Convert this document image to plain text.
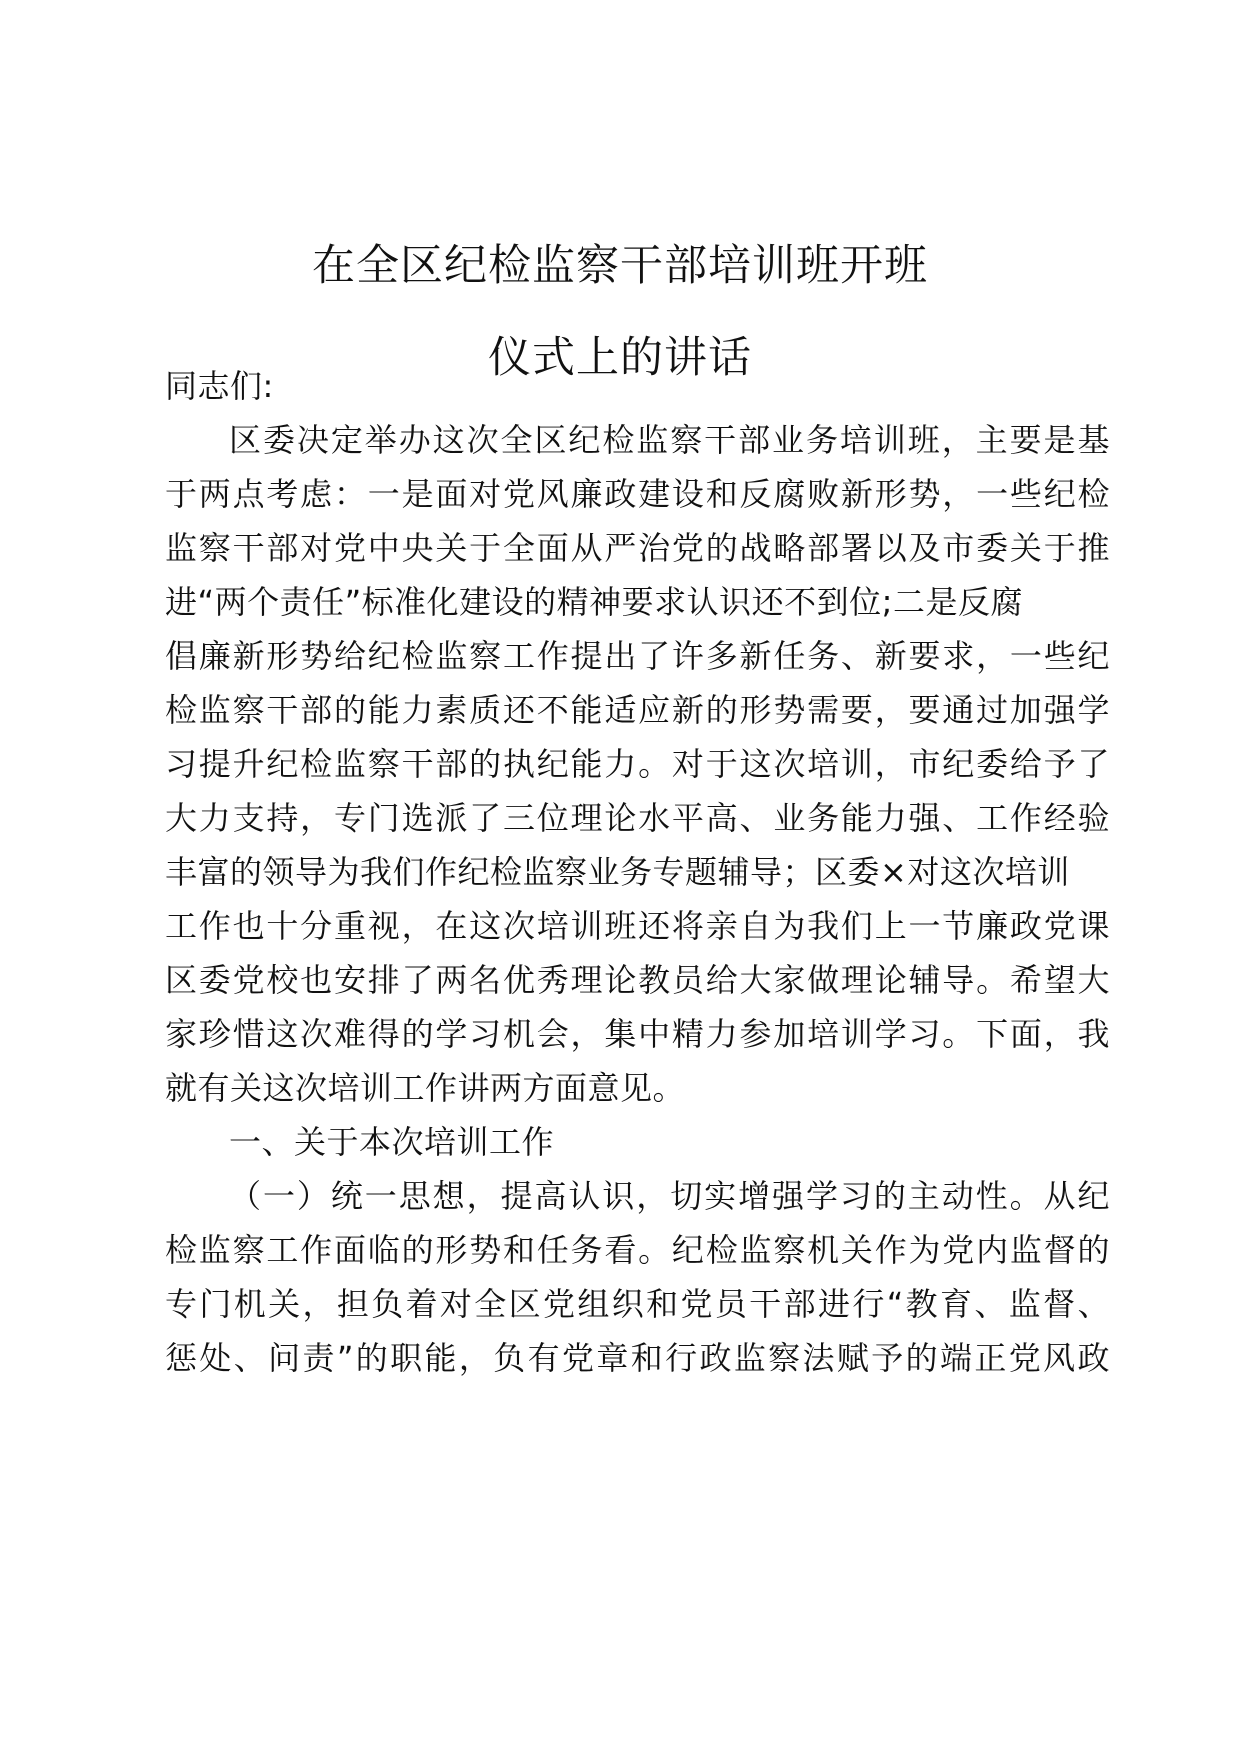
在全区纪检监察干部培训班开班
仪式上的讲话
同志们:
区委决定举办这次全区纪检监察干部业务培训班，主要是基
于两点考虑：一是面对党风廉政建设和反腐败新形势，一些纪检
监察干部对党中央关于全面从严治党的战略部署以及市委关于推
进“两个责任”标准化建设的精神要求认识还不到位;二是反腐
倡廉新形势给纪检监察工作提出了许多新任务、新要求，一些纪
检监察干部的能力素质还不能适应新的形势需要，要通过加强学
习提升纪检监察干部的执纪能力。对于这次培训，市纪委给予了
大力支持，专门选派了三位理论水平高、业务能力强、工作经验
丰富的领导为我们作纪检监察业务专题辅导；区委×对这次培训
工作也十分重视，在这次培训班还将亲自为我们上一节廉政党课
区委党校也安排了两名优秀理论教员给大家做理论辅导。希望大
家珍惜这次难得的学习机会，集中精力参加培训学习。下面，我
就有关这次培训工作讲两方面意见。
一、关于本次培训工作
（一）统一思想，提高认识，切实增强学习的主动性。从纪
检监察工作面临的形势和任务看。纪检监察机关作为党内监督的
专门机关，担负着对全区党组织和党员干部进行“教育、监督、
惩处、问责”的职能，负有党章和行政监察法赋予的端正党风政
